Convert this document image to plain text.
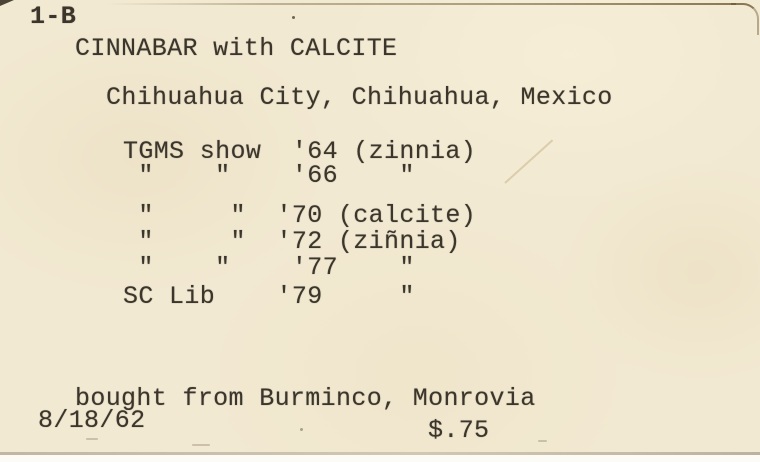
1-B
CINNABAR with CALCITE
Chihuahua City, Chihuahua, Mexico
TGMS show  '64 (zinnia)
"    "    '66    "
"     "  '70 (calcite)
"     "  '72 (ziñnia)
"    "    '77    "
SC Lib    '79     "
bought from Burminco, Monrovia
8/18/62	$.75
